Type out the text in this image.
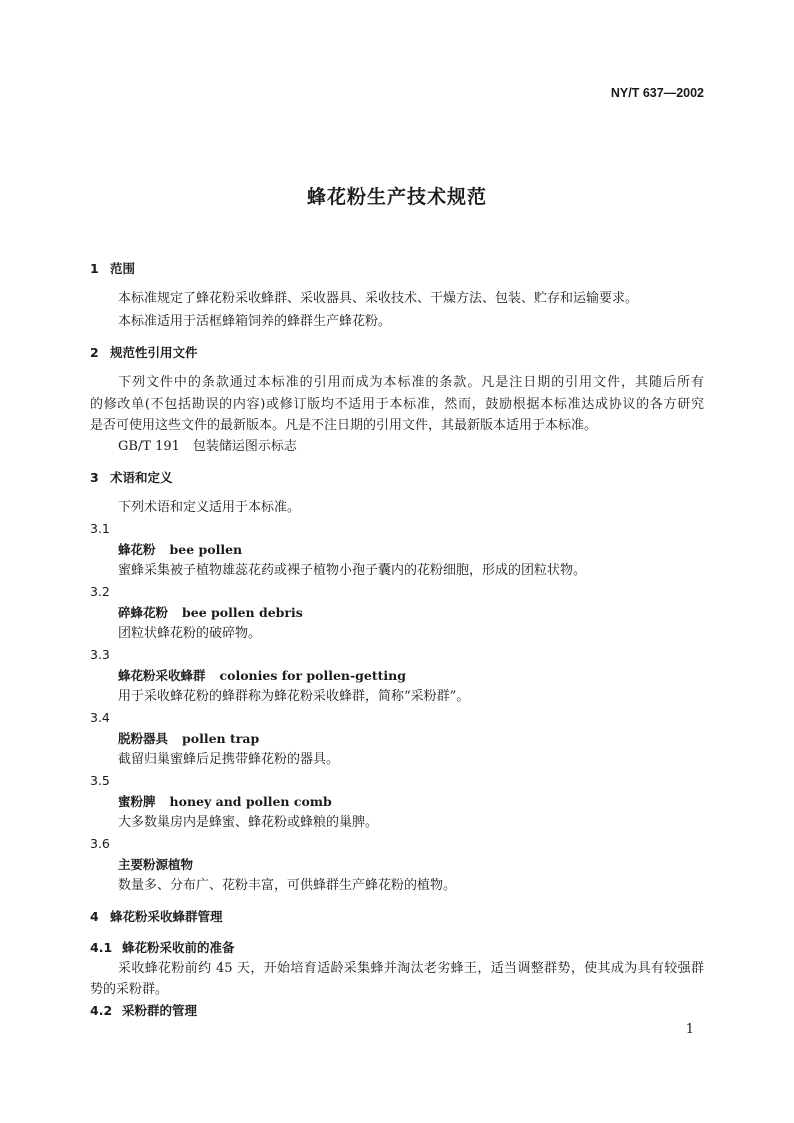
NY/T 637—2002
蜂花粉生产技术规范
1 范围
本标准规定了蜂花粉采收蜂群、采收器具、采收技术、干燥方法、包装、贮存和运输要求。
本标准适用于活框蜂箱饲养的蜂群生产蜂花粉。
2 规范性引用文件
下列文件中的条款通过本标准的引用而成为本标准的条款。凡是注日期的引用文件，其随后所有
的修改单(不包括勘误的内容)或修订版均不适用于本标准，然而，鼓励根据本标准达成协议的各方研究
是否可使用这些文件的最新版本。凡是不注日期的引用文件，其最新版本适用于本标准。
GB/T 191　包装储运图示标志
3 术语和定义
下列术语和定义适用于本标准。
3.1
蜂花粉 bee pollen
蜜蜂采集被子植物雄蕊花药或裸子植物小孢子囊内的花粉细胞，形成的团粒状物。
3.2
碎蜂花粉 bee pollen debris
团粒状蜂花粉的破碎物。
3.3
蜂花粉采收蜂群 colonies for pollen-getting
用于采收蜂花粉的蜂群称为蜂花粉采收蜂群，简称“采粉群”。
3.4
脱粉器具 pollen trap
截留归巢蜜蜂后足携带蜂花粉的器具。
3.5
蜜粉脾 honey and pollen comb
大多数巢房内是蜂蜜、蜂花粉或蜂粮的巢脾。
3.6
主要粉源植物
数量多、分布广、花粉丰富，可供蜂群生产蜂花粉的植物。
4 蜂花粉采收蜂群管理
4.1 蜂花粉采收前的准备
采收蜂花粉前约 45 天，开始培育适龄采集蜂并淘汰老劣蜂王，适当调整群势，使其成为具有较强群
势的采粉群。
4.2 采粉群的管理
1
